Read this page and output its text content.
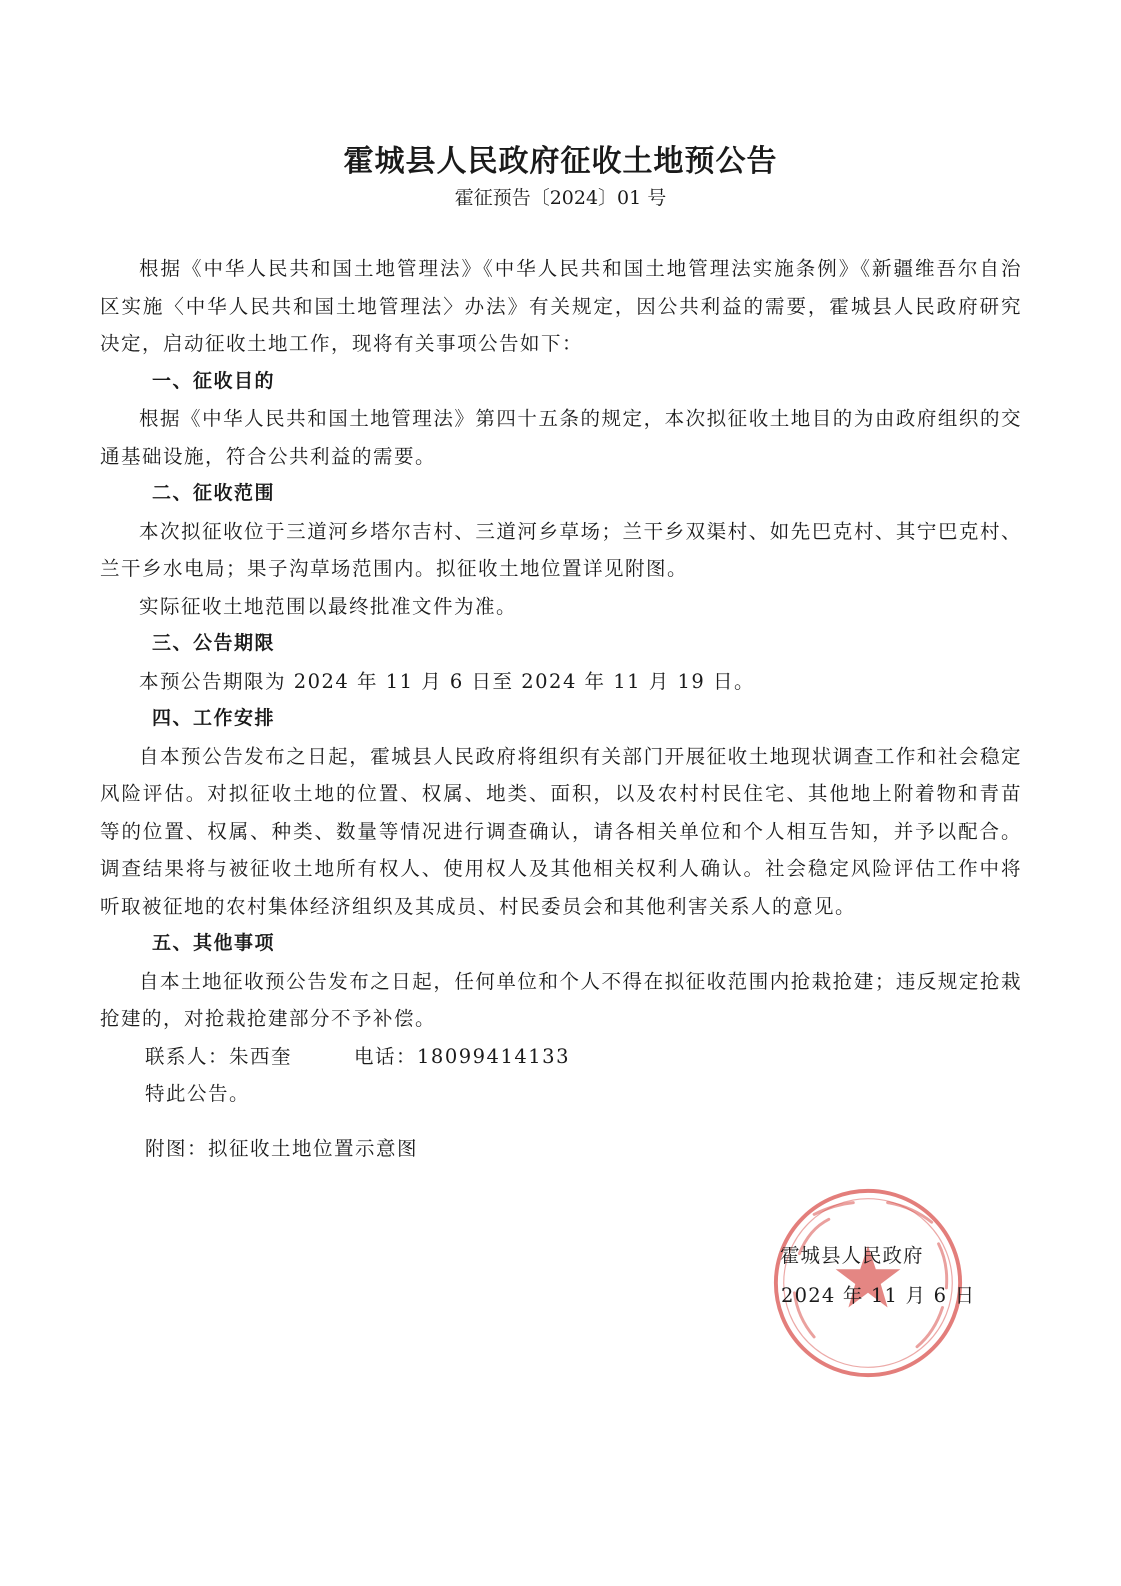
霍城县人民政府征收土地预公告
霍征预告〔2024〕01 号

根据《中华人民共和国土地管理法》《中华人民共和国土地管理法实施条例》《新疆维吾尔自治区实施〈中华人民共和国土地管理法〉办法》有关规定，因公共利益的需要，霍城县人民政府研究决定，启动征收土地工作，现将有关事项公告如下：

一、征收目的

根据《中华人民共和国土地管理法》第四十五条的规定，本次拟征收土地目的为由政府组织的交通基础设施，符合公共利益的需要。

二、征收范围

本次拟征收位于三道河乡塔尔吉村、三道河乡草场；兰干乡双渠村、如先巴克村、其宁巴克村、兰干乡水电局；果子沟草场范围内。拟征收土地位置详见附图。

实际征收土地范围以最终批准文件为准。

三、公告期限

本预公告期限为 2024 年 11 月 6 日至 2024 年 11 月 19 日。

四、工作安排

自本预公告发布之日起，霍城县人民政府将组织有关部门开展征收土地现状调查工作和社会稳定风险评估。对拟征收土地的位置、权属、地类、面积，以及农村村民住宅、其他地上附着物和青苗等的位置、权属、种类、数量等情况进行调查确认，请各相关单位和个人相互告知，并予以配合。调查结果将与被征收土地所有权人、使用权人及其他相关权利人确认。社会稳定风险评估工作中将听取被征地的农村集体经济组织及其成员、村民委员会和其他利害关系人的意见。

五、其他事项

自本土地征收预公告发布之日起，任何单位和个人不得在拟征收范围内抢栽抢建；违反规定抢栽抢建的，对抢栽抢建部分不予补偿。

联系人：朱西奎	电话：18099414133

特此公告。

附图：拟征收土地位置示意图
霍城县人民政府
2024 年 11 月 6 日
